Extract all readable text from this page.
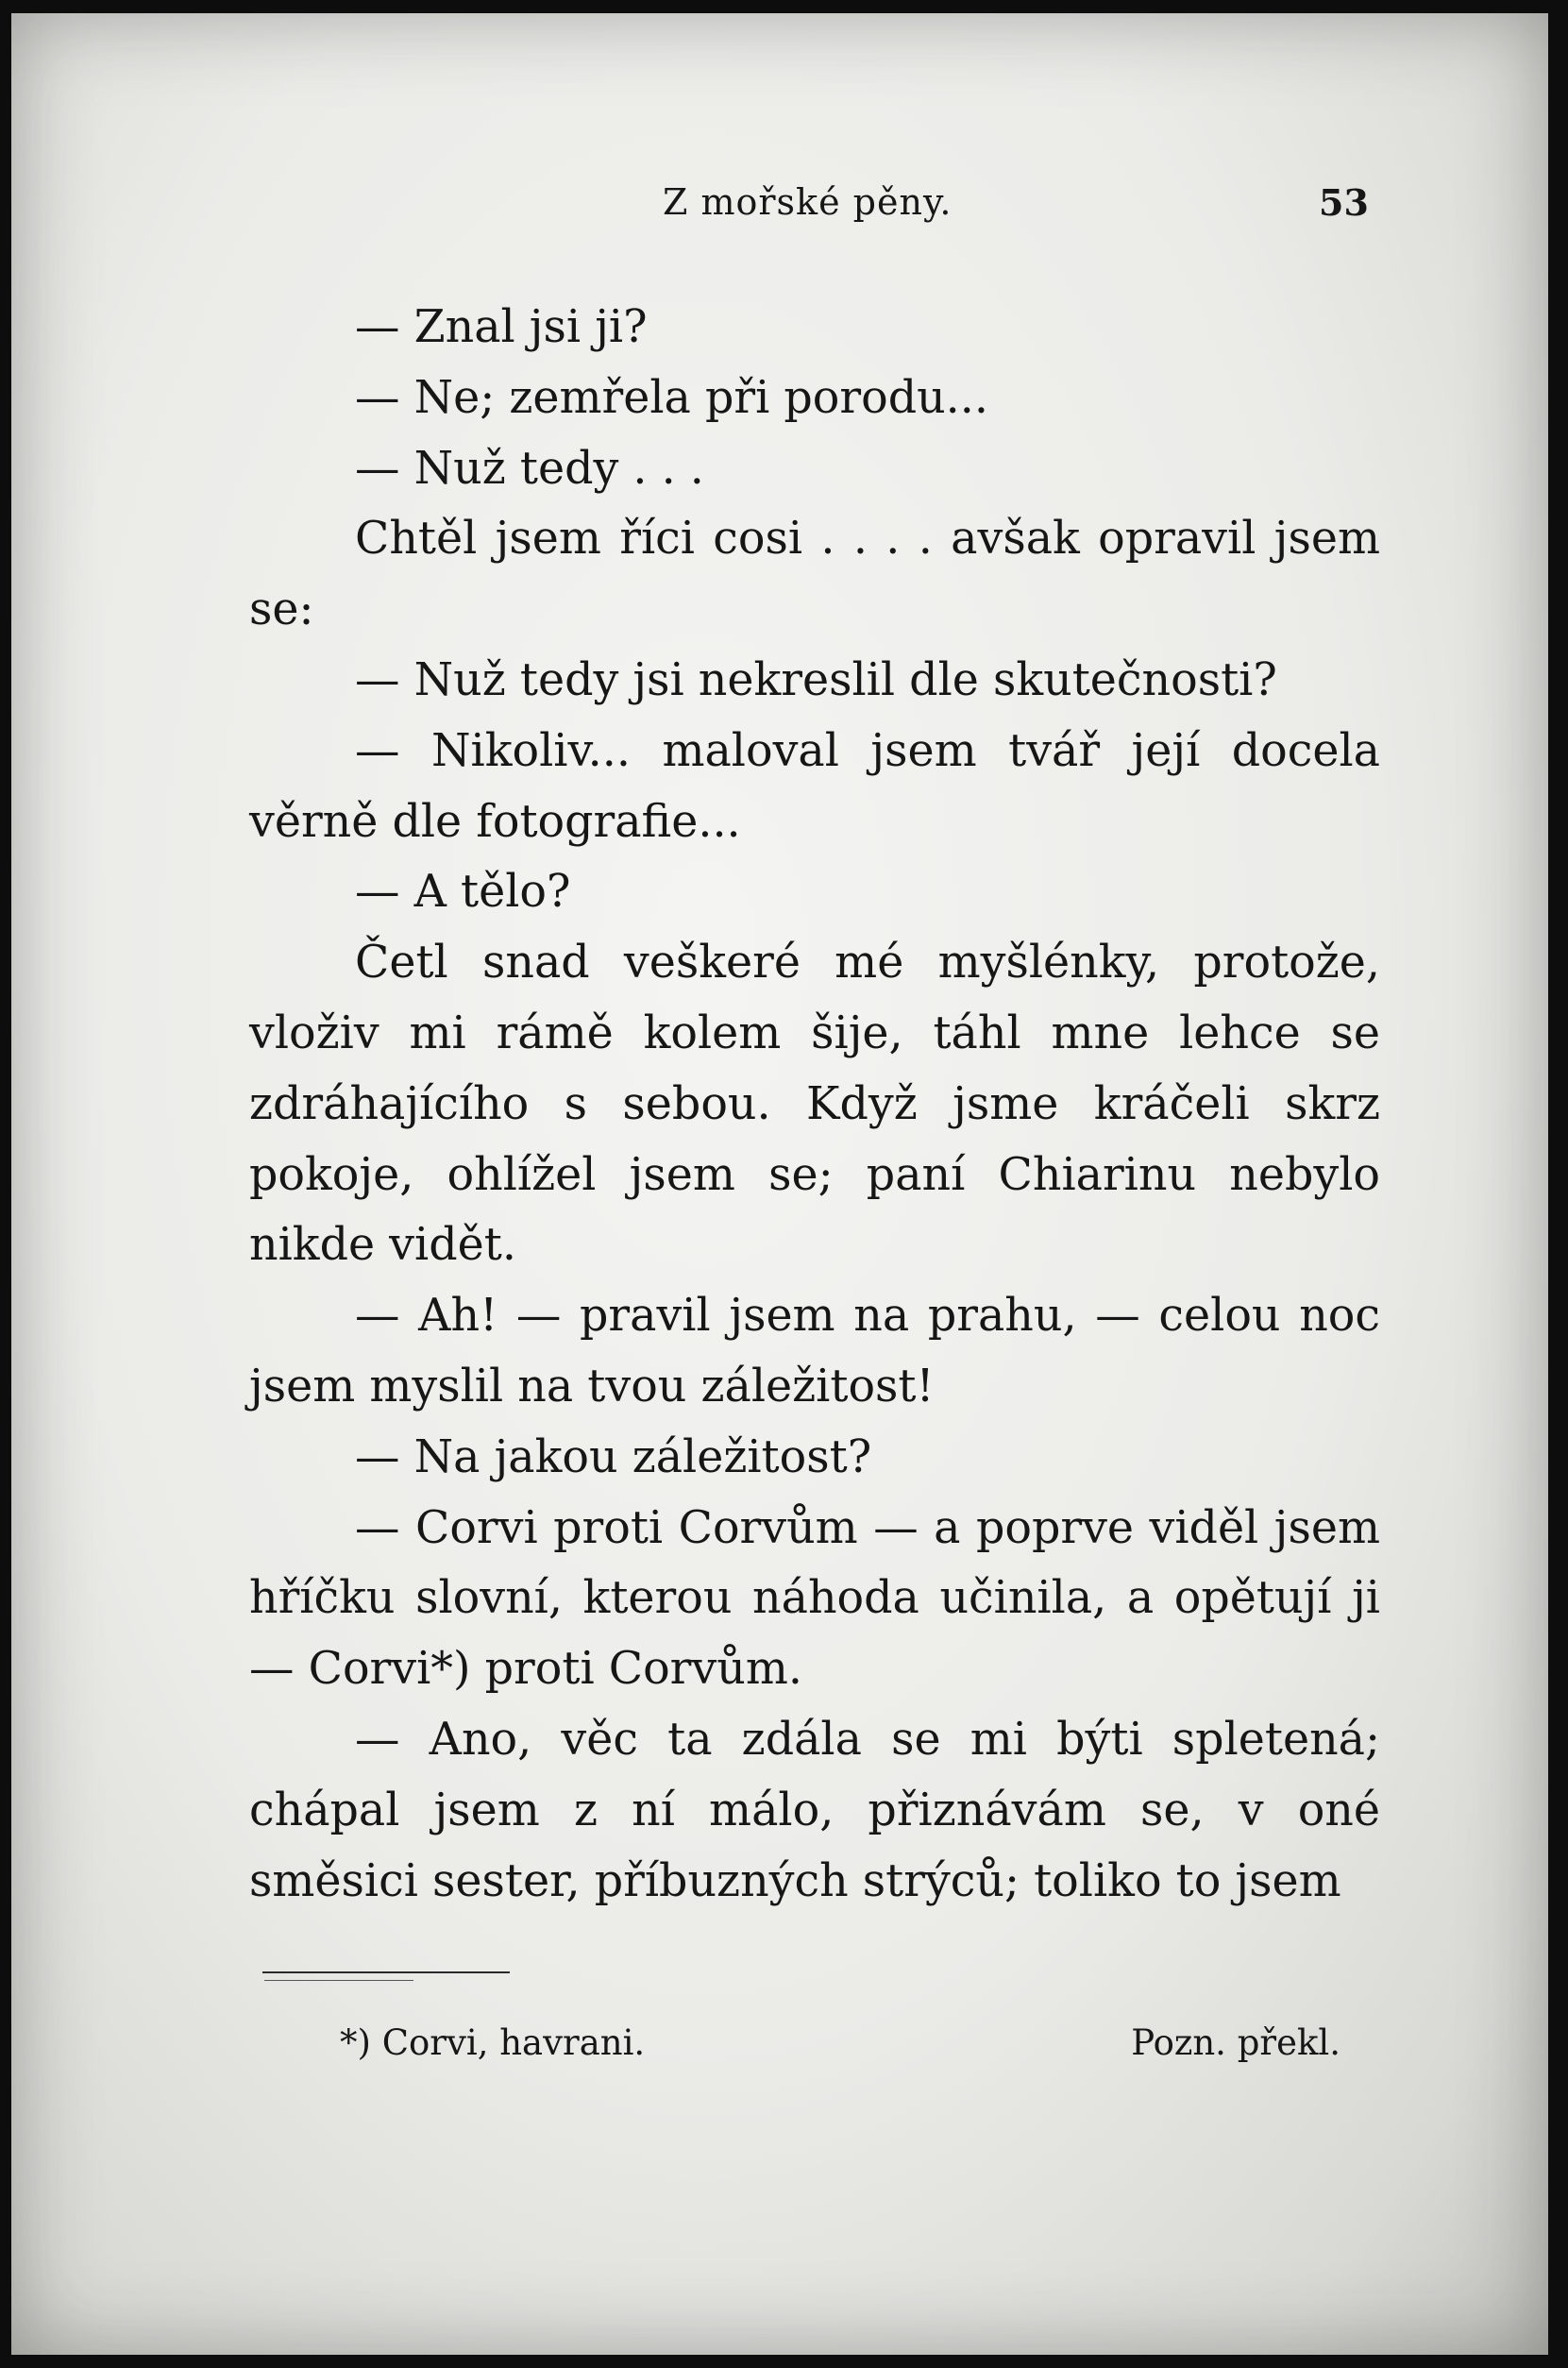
Z mořské pěny.	53

— Znal jsi ji?

— Ne; zemřela při porodu...

— Nuž tedy . . .

Chtěl jsem říci cosi . . . . avšak opravil jsem se:

— Nuž tedy jsi nekreslil dle skutečnosti?

— Nikoliv... maloval jsem tvář její docela věrně dle fotografie...

— A tělo?

Četl snad veškeré mé myšlénky, protože, vloživ mi rámě kolem šije, táhl mne lehce se zdráhajícího s sebou. Když jsme kráčeli skrz pokoje, ohlížel jsem se; paní Chiarinu nebylo nikde vidět.

— Ah! — pravil jsem na prahu, — celou noc jsem myslil na tvou záležitost!

— Na jakou záležitost?

— Corvi proti Corvům — a poprve viděl jsem hříčku slovní, kterou náhoda učinila, a opětují ji — Corvi*) proti Corvům.

— Ano, věc ta zdála se mi býti spletená; chápal jsem z ní málo, přiznávám se, v oné směsici sester, příbuzných strýců; toliko to jsem

*) Corvi, havrani.	Pozn. překl.
